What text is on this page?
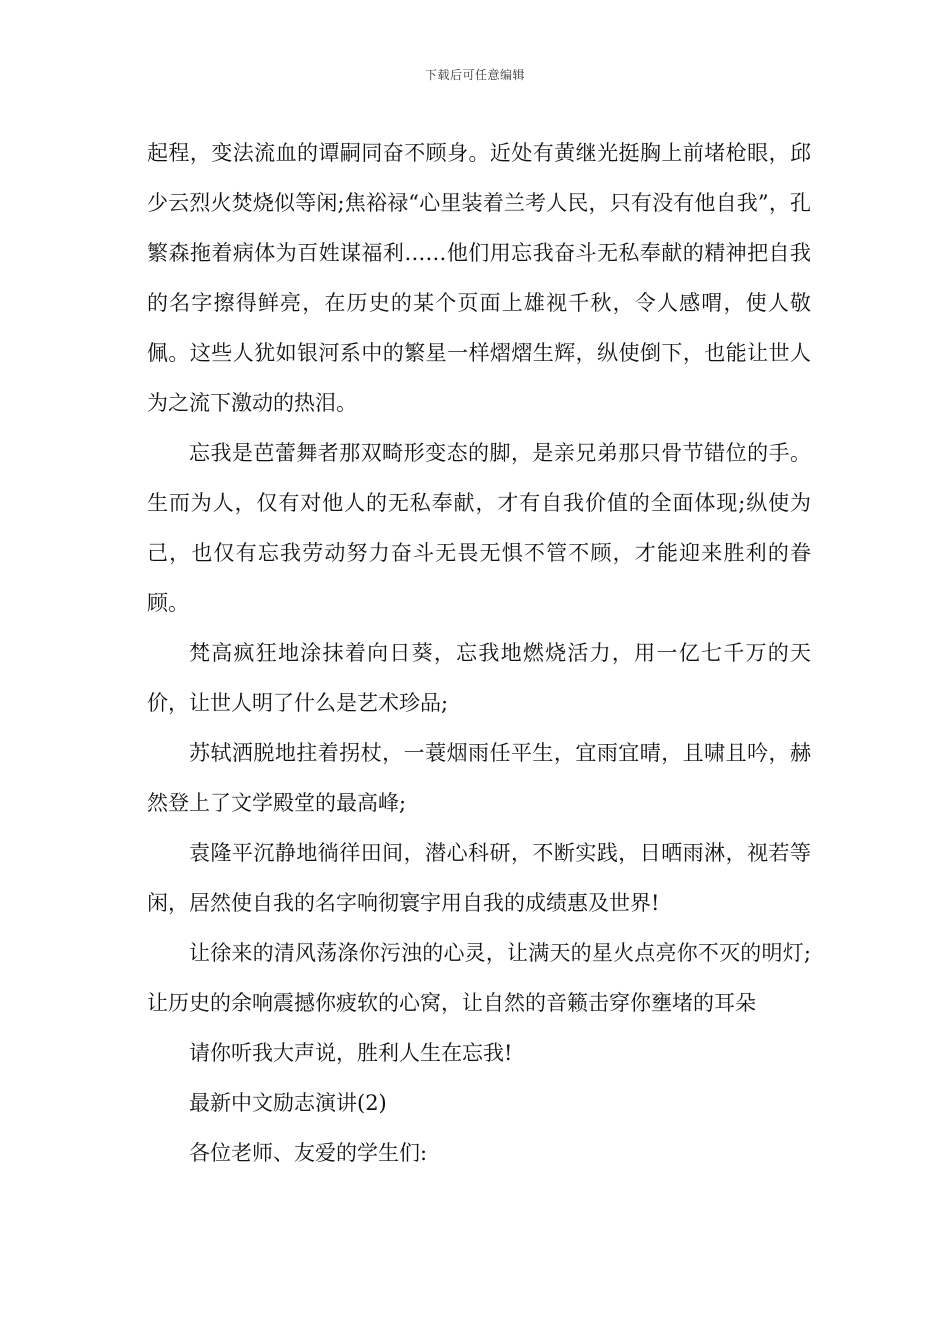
下载后可任意编辑

起程，变法流血的谭嗣同奋不顾身。近处有黄继光挺胸上前堵枪眼，邱少云烈火焚烧似等闲;焦裕禄“心里装着兰考人民，只有没有他自我”，孔繁森拖着病体为百姓谋福利……他们用忘我奋斗无私奉献的精神把自我的名字擦得鲜亮，在历史的某个页面上雄视千秋，令人感喟，使人敬佩。这些人犹如银河系中的繁星一样熠熠生辉，纵使倒下，也能让世人为之流下激动的热泪。

忘我是芭蕾舞者那双畸形变态的脚，是亲兄弟那只骨节错位的手。生而为人，仅有对他人的无私奉献，才有自我价值的全面体现;纵使为己，也仅有忘我劳动努力奋斗无畏无惧不管不顾，才能迎来胜利的眷顾。

梵高疯狂地涂抹着向日葵，忘我地燃烧活力，用一亿七千万的天价，让世人明了什么是艺术珍品;

苏轼洒脱地拄着拐杖，一蓑烟雨任平生，宜雨宜晴，且啸且吟，赫然登上了文学殿堂的最高峰;

袁隆平沉静地徜徉田间，潜心科研，不断实践，日晒雨淋，视若等闲，居然使自我的名字响彻寰宇用自我的成绩惠及世界!

让徐来的清风荡涤你污浊的心灵，让满天的星火点亮你不灭的明灯;让历史的余响震撼你疲软的心窝，让自然的音籁击穿你壅堵的耳朵

请你听我大声说，胜利人生在忘我!

最新中文励志演讲(2)

各位老师、友爱的学生们:
